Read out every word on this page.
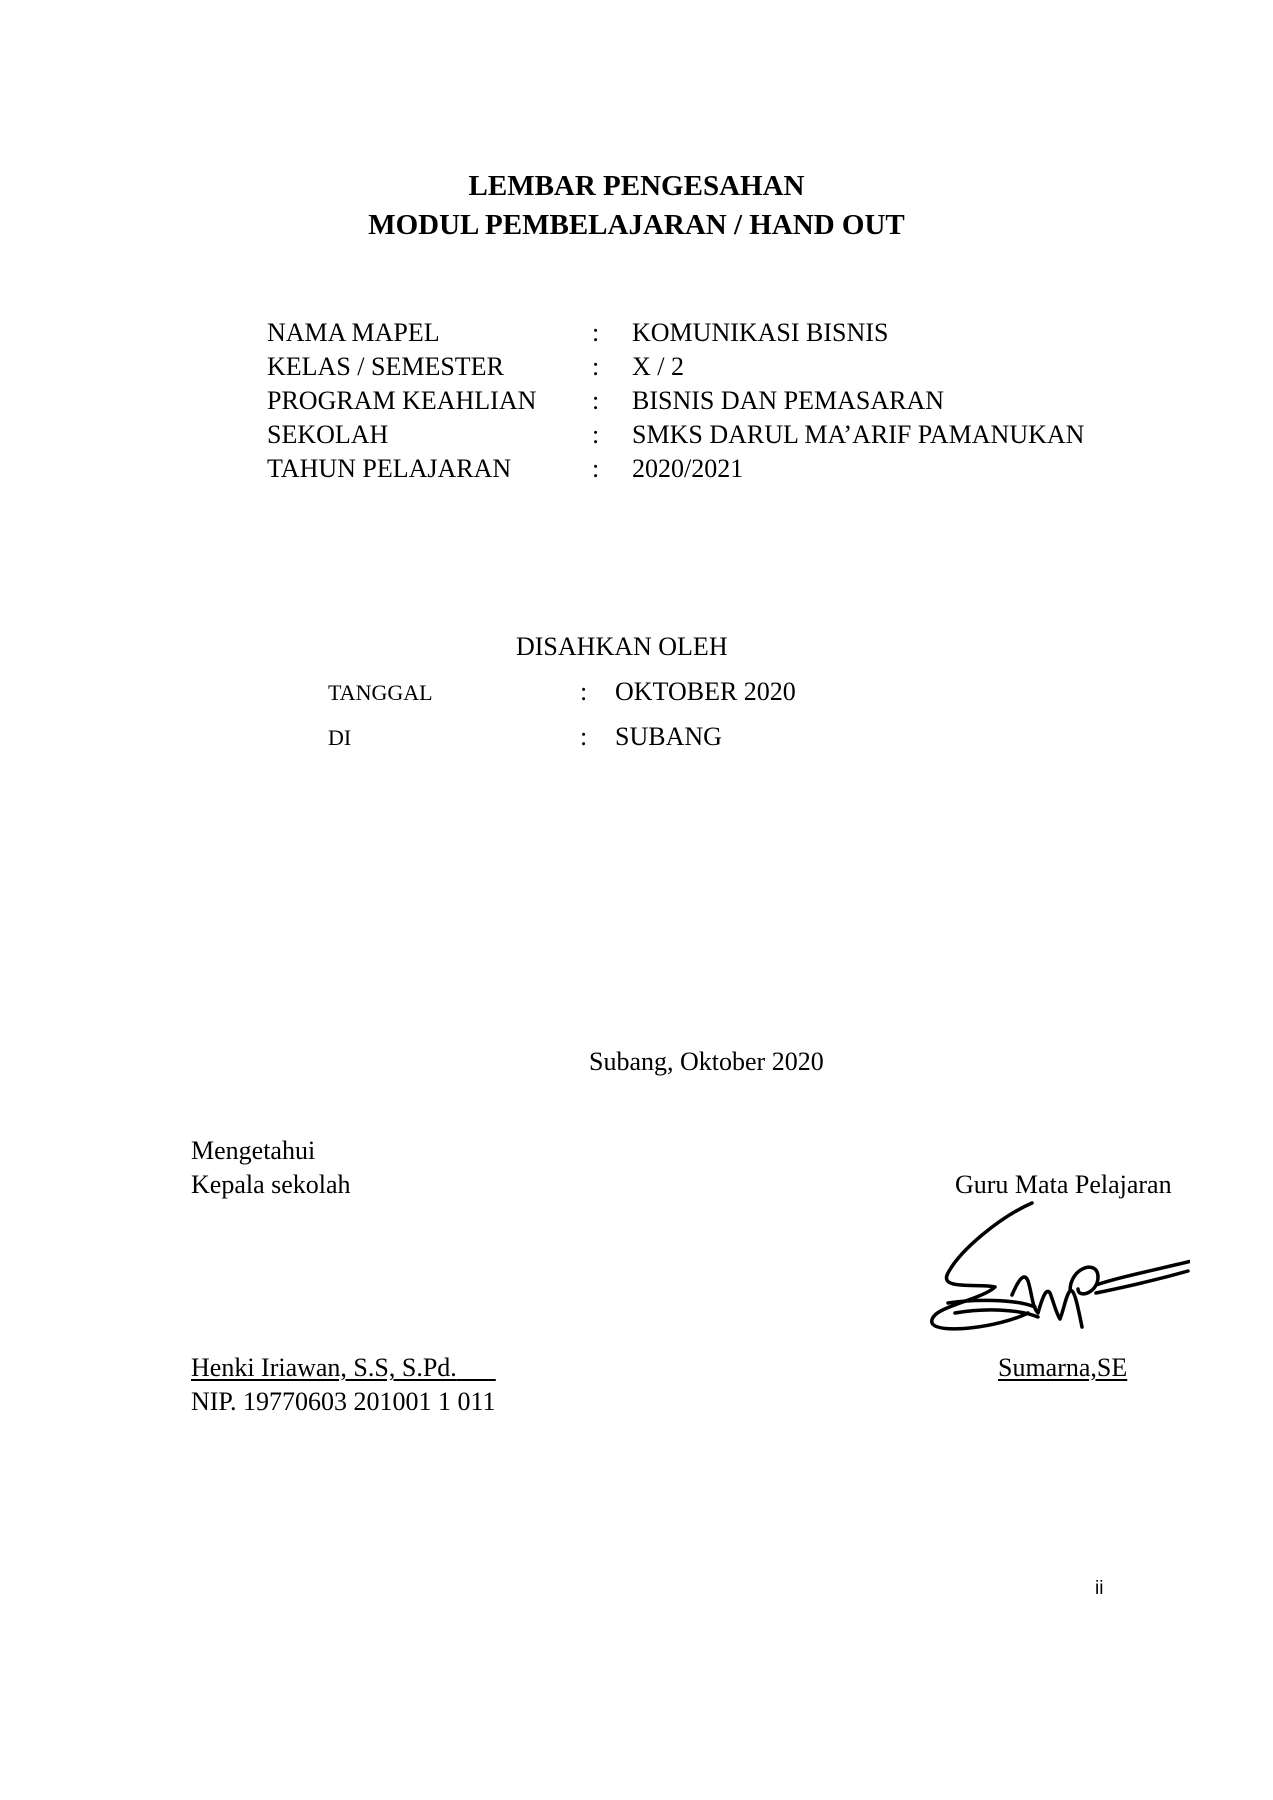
LEMBAR PENGESAHAN
MODUL PEMBELAJARAN / HAND OUT
NAMA MAPEL	: KOMUNIKASI BISNIS
KELAS / SEMESTER	: X / 2
PROGRAM KEAHLIAN : BISNIS DAN PEMASARAN
SEKOLAH	: SMKS DARUL MA’ARIF PAMANUKAN
TAHUN PELAJARAN	: 2020/2021
DISAHKAN OLEH
TANGGAL	: OKTOBER 2020
DI	: SUBANG
Subang, Oktober 2020
Mengetahui
Kepala sekolah
Henki Iriawan, S.S, S.Pd.
NIP. 19770603 201001 1 011
Guru Mata Pelajaran
Sumarna,SE
ii
